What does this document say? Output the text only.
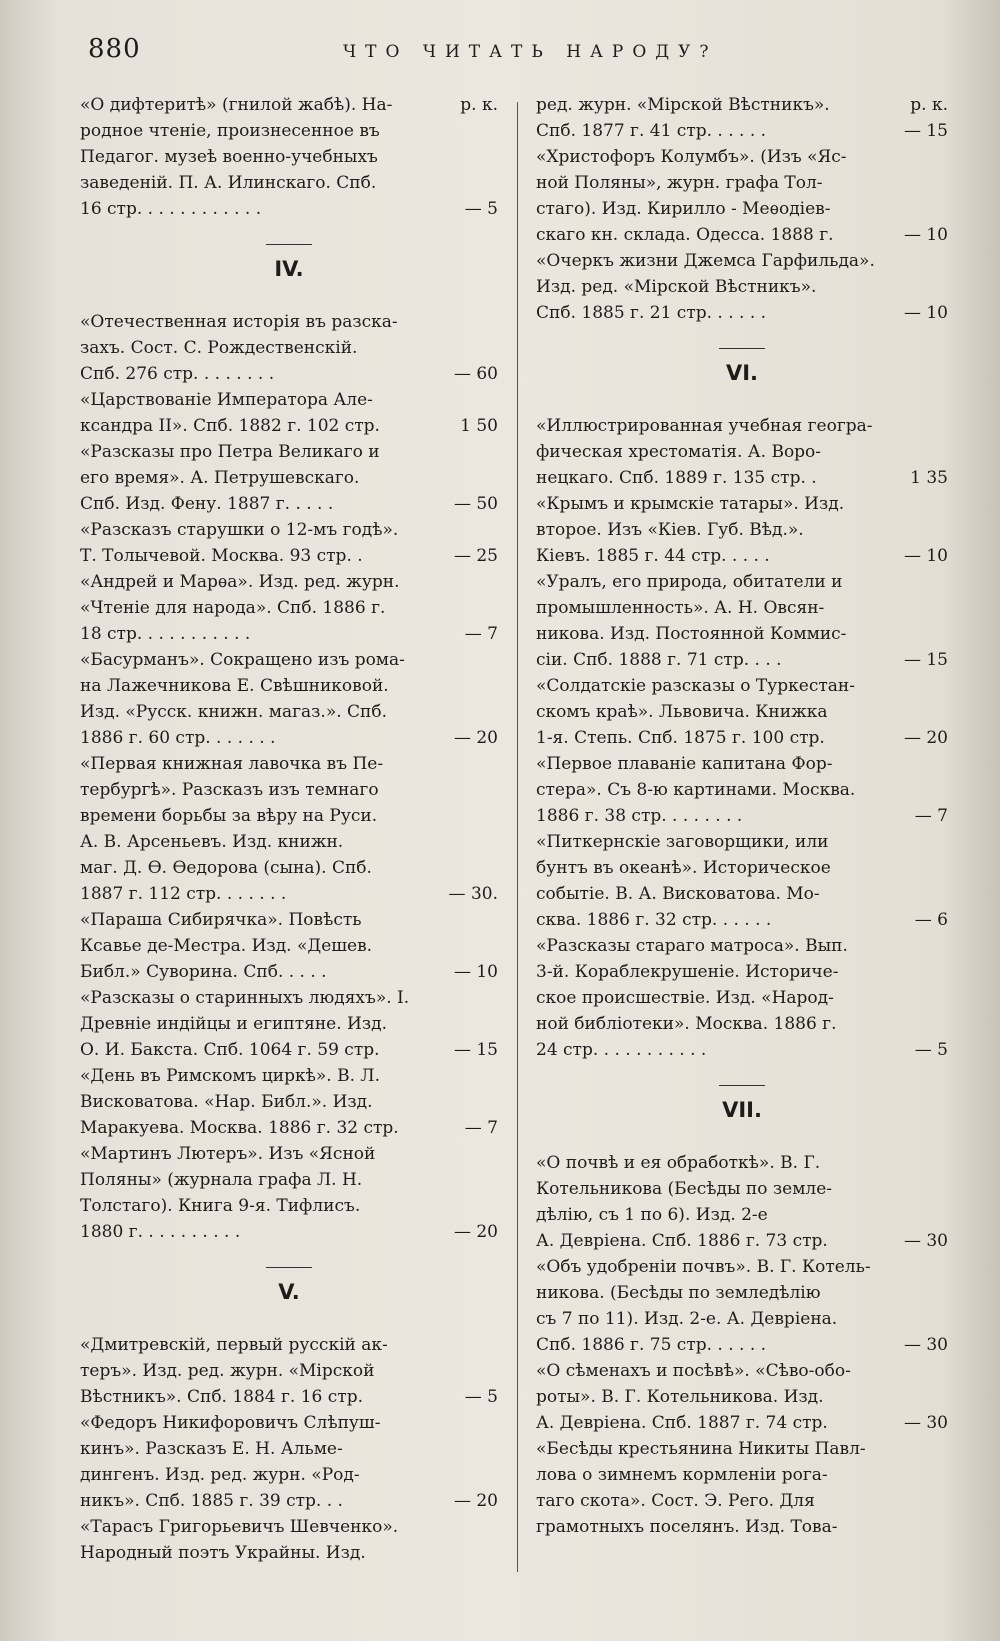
880	ЧТО ЧИТАТЬ НАРОДУ?
«О дифтеритѣ» (гнилой жабѣ). На-	р. к.
родное чтеніе, произнесенное въ
Педагог. музеѣ военно-учебныхъ
заведеній. П. А. Илинскаго. Спб.
16 стр. . . . . . . . . . . .	— 5
IV.
«Отечественная исторія въ разска-
захъ. Сост. С. Рождественскій.
Спб. 276 стр. . . . . . . .	— 60
«Царствованіе Императора Але-
ксандра II». Спб. 1882 г. 102 стр.	1 50
«Разсказы про Петра Великаго и
его время». А. Петрушевскаго.
Спб. Изд. Фену. 1887 г. . . . .	— 50
«Разсказъ старушки о 12-мъ годѣ».
Т. Толычевой. Москва. 93 стр. .	— 25
«Андрей и Марѳа». Изд. ред. журн.
«Чтеніе для народа». Спб. 1886 г.
18 стр. . . . . . . . . . .	— 7
«Басурманъ». Сокращено изъ рома-
на Лажечникова Е. Свѣшниковой.
Изд. «Русск. книжн. магаз.». Спб.
1886 г. 60 стр. . . . . . .	— 20
«Первая книжная лавочка въ Пе-
тербургѣ». Разсказъ изъ темнаго
времени борьбы за вѣру на Руси.
А. В. Арсеньевъ. Изд. книжн.
маг. Д. Ѳ. Ѳедорова (сына). Спб.
1887 г. 112 стр. . . . . . .	— 30.
«Параша Сибирячка». Повѣсть
Ксавье де-Местра. Изд. «Дешев.
Библ.» Суворина. Спб. . . . .	— 10
«Разсказы о старинныхъ людяхъ». I.
Древніе индійцы и египтяне. Изд.
О. И. Бакста. Спб. 1064 г. 59 стр.	— 15
«День въ Римскомъ циркѣ». В. Л.
Висковатова. «Нар. Библ.». Изд.
Маракуева. Москва. 1886 г. 32 стр.	— 7
«Мартинъ Лютеръ». Изъ «Ясной
Поляны» (журнала графа Л. Н.
Толстаго). Книга 9-я. Тифлисъ.
1880 г. . . . . . . . . .	— 20
V.
«Дмитревскій, первый русскій ак-
теръ». Изд. ред. журн. «Мірской
Вѣстникъ». Спб. 1884 г. 16 стр.	— 5
«Федоръ Никифоровичъ Слѣпуш-
кинъ». Разсказъ Е. Н. Альме-
дингенъ. Изд. ред. журн. «Род-
никъ». Спб. 1885 г. 39 стр. . .	— 20
«Тарасъ Григорьевичъ Шевченко».
Народный поэтъ Украйны. Изд.
ред. журн. «Мірской Вѣстникъ».	р. к.
Спб. 1877 г. 41 стр. . . . . .	— 15
«Христофоръ Колумбъ». (Изъ «Яс-
ной Поляны», журн. графа Тол-
стаго). Изд. Кирилло - Меѳодіев-
скаго кн. склада. Одесса. 1888 г.	— 10
«Очеркъ жизни Джемса Гарфильда».
Изд. ред. «Мірской Вѣстникъ».
Спб. 1885 г. 21 стр. . . . . .	— 10
VI.
«Иллюстрированная учебная геогра-
фическая хрестоматія. А. Воро-
нецкаго. Спб. 1889 г. 135 стр. .	1 35
«Крымъ и крымскіе татары». Изд.
второе. Изъ «Кіев. Губ. Вѣд.».
Кіевъ. 1885 г. 44 стр. . . . .	— 10
«Уралъ, его природа, обитатели и
промышленность». А. Н. Овсян-
никова. Изд. Постоянной Коммис-
сіи. Спб. 1888 г. 71 стр. . . .	— 15
«Солдатскіе разсказы о Туркестан-
скомъ краѣ». Львовича. Книжка
1-я. Степь. Спб. 1875 г. 100 стр.	— 20
«Первое плаваніе капитана Фор-
стера». Съ 8-ю картинами. Москва.
1886 г. 38 стр. . . . . . . .	— 7
«Питкернскіе заговорщики, или
бунтъ въ океанѣ». Историческое
событіе. В. А. Висковатова. Мо-
сква. 1886 г. 32 стр. . . . . .	— 6
«Разсказы стараго матроса». Вып.
3-й. Кораблекрушеніе. Историче-
ское происшествіе. Изд. «Народ-
ной библіотеки». Москва. 1886 г.
24 стр. . . . . . . . . . .	— 5
VII.
«О почвѣ и ея обработкѣ». В. Г.
Котельникова (Бесѣды по земле-
дѣлію, съ 1 по 6). Изд. 2-е
А. Девріена. Спб. 1886 г. 73 стр.	— 30
«Объ удобреніи почвъ». В. Г. Котель-
никова. (Бесѣды по земледѣлію
съ 7 по 11). Изд. 2-е. А. Девріена.
Спб. 1886 г. 75 стр. . . . . .	— 30
«О сѣменахъ и посѣвѣ». «Сѣво-обо-
роты». В. Г. Котельникова. Изд.
А. Девріена. Спб. 1887 г. 74 стр.	— 30
«Бесѣды крестьянина Никиты Павл-
лова о зимнемъ кормленіи рога-
таго скота». Сост. Э. Рего. Для
грамотныхъ поселянъ. Изд. Това-
